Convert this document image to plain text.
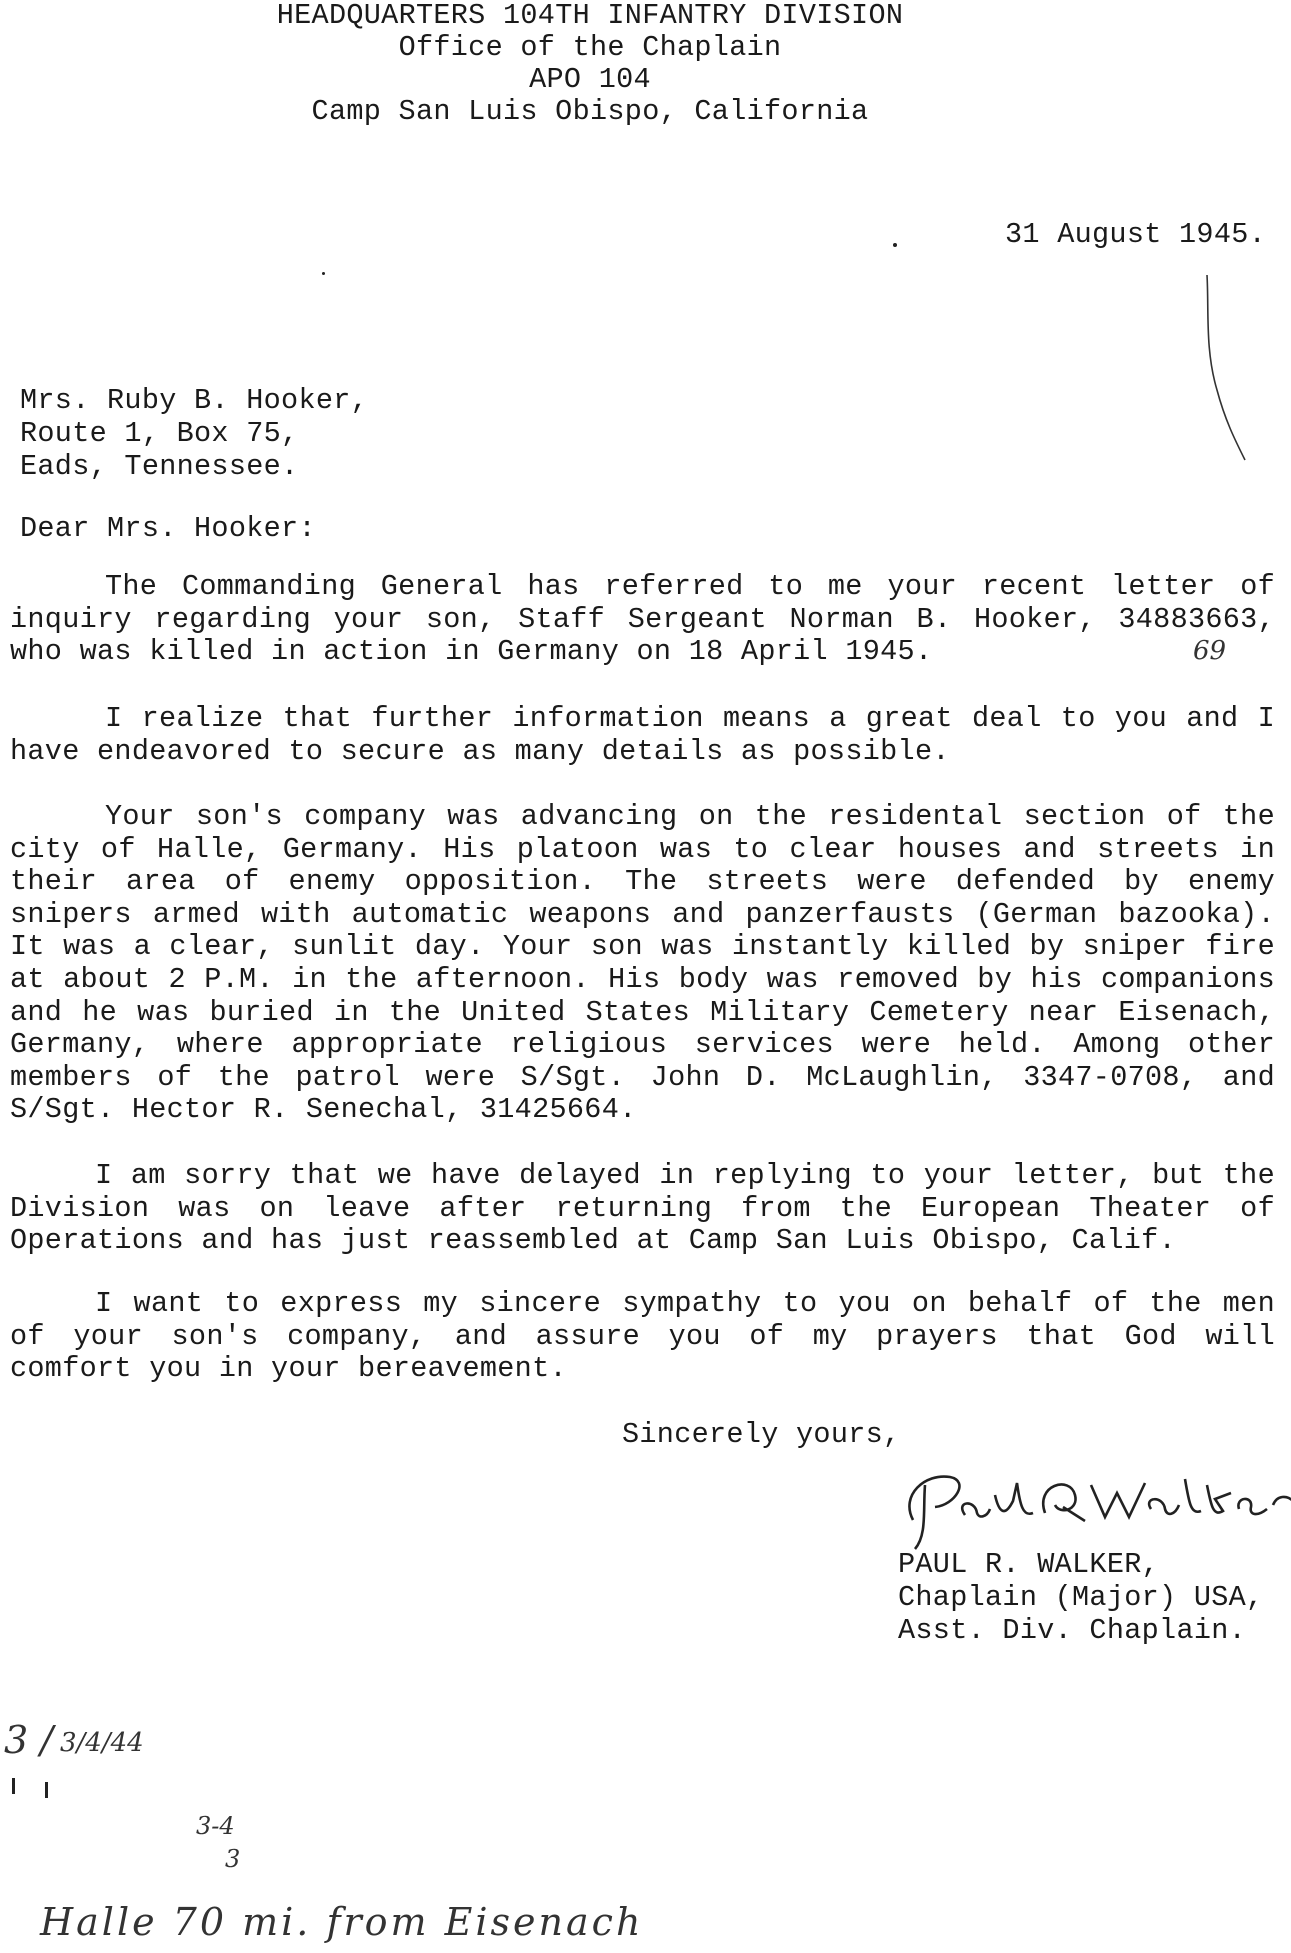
HEADQUARTERS 104TH INFANTRY DIVISION
Office of the Chaplain
APO 104
Camp San Luis Obispo, California
31 August 1945.
Mrs. Ruby B. Hooker,
Route 1, Box 75,
Eads, Tennessee.
Dear Mrs. Hooker:
The Commanding General has referred to me your recent letter of inquiry regarding your son, Staff Sergeant Norman B. Hooker, 34883663, who was killed in action in Germany on 18 April 1945.
I realize that further information means a great deal to you and I have endeavored to secure as many details as possible.
Your son's company was advancing on the residental section of the city of Halle, Germany. His platoon was to clear houses and streets in their area of enemy opposition. The streets were defended by enemy snipers armed with automatic weapons and panzerfausts (German bazooka). It was a clear, sunlit day. Your son was instantly killed by sniper fire at about 2 P.M. in the afternoon. His body was removed by his companions and he was buried in the United States Military Cemetery near Eisenach, Germany, where appropriate religious services were held. Among other members of the patrol were S/Sgt. John D. McLaughlin, 3347-0708, and S/Sgt. Hector R. Senechal, 31425664.
I am sorry that we have delayed in replying to your letter, but the Division was on leave after returning from the European Theater of Operations and has just reassembled at Camp San Luis Obispo, Calif.
I want to express my sincere sympathy to you on behalf of the men of your son's company, and assure you of my prayers that God will comfort you in your bereavement.
Sincerely yours,
Paul R Walker
PAUL R. WALKER,
Chaplain (Major) USA,
Asst. Div. Chaplain.
69
Halle 70 mi. from Eisenach
3/4/44
3 /
3-4
3
